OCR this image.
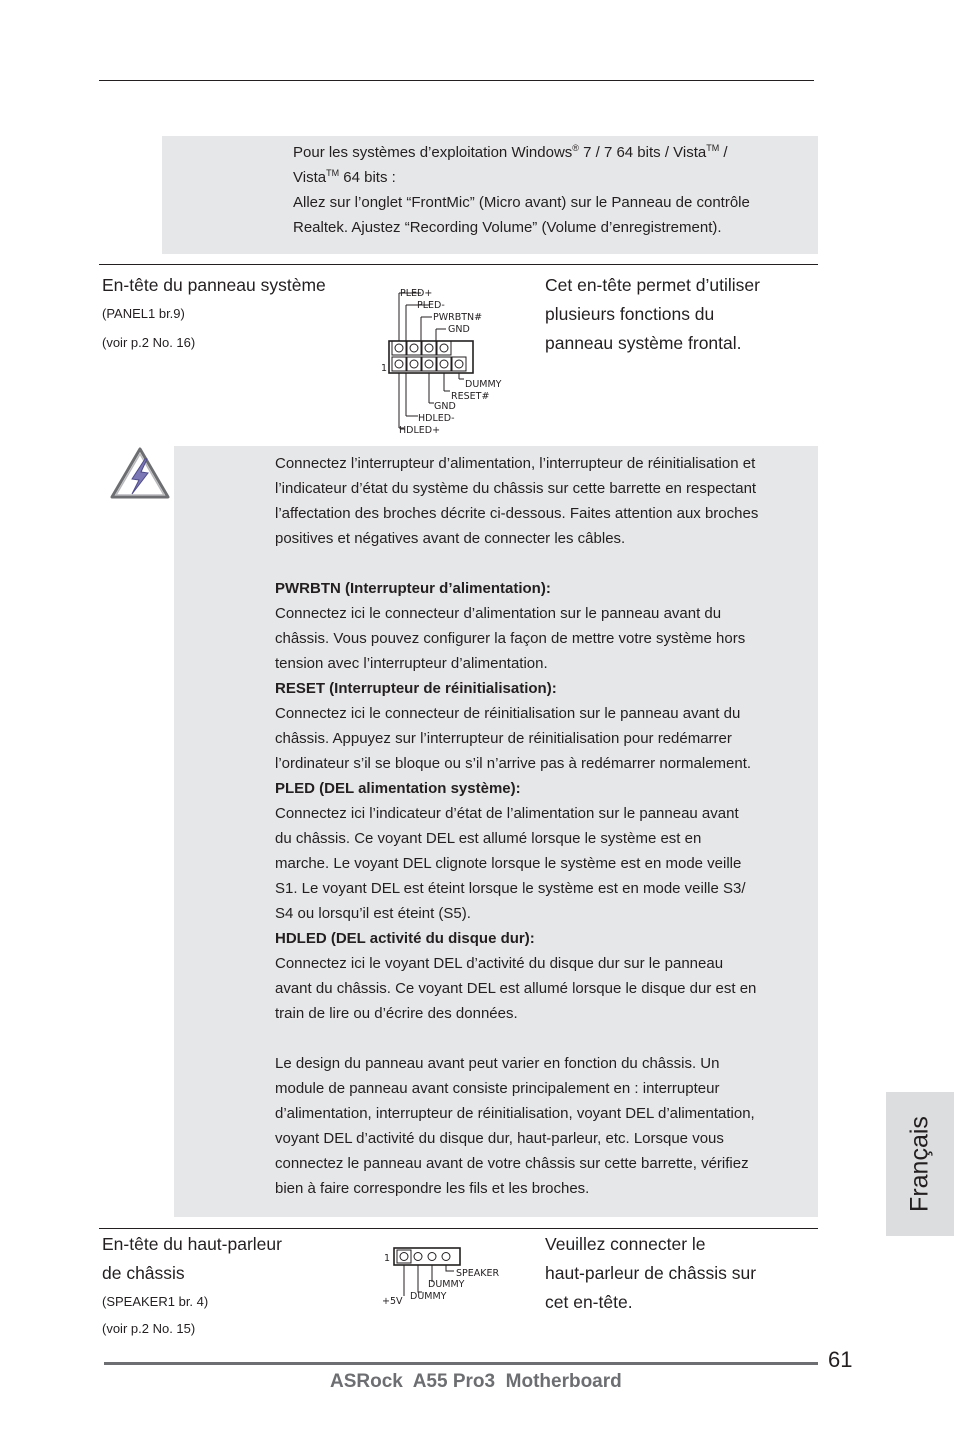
Pour les systèmes d’exploitation Windows® 7 / 7 64 bits / Vista™ /
Vista™ 64 bits :
Allez sur l’onglet “FrontMic” (Micro avant) sur le Panneau de contrôle
Realtek. Ajustez “Recording Volume” (Volume d’enregistrement).
En-tête du panneau système
(PANEL1 br.9)
(voir p.2 No. 16)
Cet en-tête permet d’utiliser
plusieurs fonctions du
panneau système frontal.
PLED+
PLED-
PWRBTN#
GND
DUMMY
RESET#
GND
HDLED-
HDLED+
1
Connectez l’interrupteur d’alimentation, l’interrupteur de réinitialisation et
l’indicateur d’état du système du châssis sur cette barrette en respectant
l’affectation des broches décrite ci-dessous. Faites attention aux broches
positives et négatives avant de connecter les câbles.
PWRBTN (Interrupteur d’alimentation):
Connectez ici le connecteur d’alimentation sur le panneau avant du
châssis. Vous pouvez configurer la façon de mettre votre système hors
tension avec l’interrupteur d’alimentation.
RESET (Interrupteur de réinitialisation):
Connectez ici le connecteur de réinitialisation sur le panneau avant du
châssis. Appuyez sur l’interrupteur de réinitialisation pour redémarrer
l’ordinateur s’il se bloque ou s’il n’arrive pas à redémarrer normalement.
PLED (DEL alimentation système):
Connectez ici l’indicateur d’état de l’alimentation sur le panneau avant
du châssis. Ce voyant DEL est allumé lorsque le système est en
marche. Le voyant DEL clignote lorsque le système est en mode veille
S1. Le voyant DEL est éteint lorsque le système est en mode veille S3/
S4 ou lorsqu’il est éteint (S5).
HDLED (DEL activité du disque dur):
Connectez ici le voyant DEL d’activité du disque dur sur le panneau
avant du châssis. Ce voyant DEL est allumé lorsque le disque dur est en
train de lire ou d’écrire des données.
Le design du panneau avant peut varier en fonction du châssis. Un
module de panneau avant consiste principalement en : interrupteur
d’alimentation, interrupteur de réinitialisation, voyant DEL d’alimentation,
voyant DEL d’activité du disque dur, haut-parleur, etc. Lorsque vous
connectez le panneau avant de votre châssis sur cette barrette, vérifiez
bien à faire correspondre les fils et les broches.
En-tête du haut-parleur
de châssis
(SPEAKER1 br. 4)
(voir p.2 No. 15)
Veuillez connecter le
haut-parleur de châssis sur
cet en-tête.
1
SPEAKER
DUMMY
DUMMY
+5V
Français
61
ASRock  A55 Pro3  Motherboard
